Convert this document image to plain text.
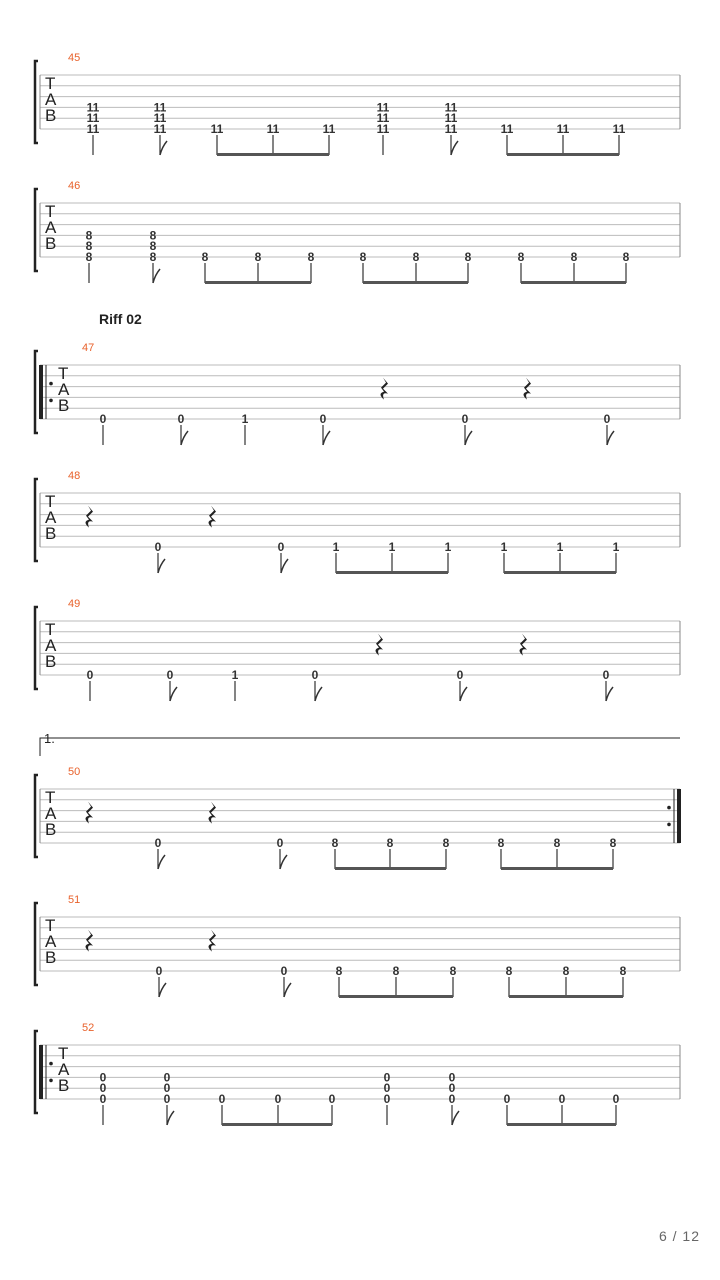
45
T
A
B	11
11
11
11
11
11	11	11	11
11
11
11
11
11
11	11	11	11
46
T
A
B 8
8
8
8
8
8	8	8	8	8	8	8	8	8	8
47
T
A
B
0	0	1	0	0	0
48
T
A
B
0	0	1	1	1	1	1	1
49
T
A
B
0	0	1	0	0	0
50
T
A
B
0	0	8	8	8	8	8	8
51
T
A
B
0	0	8	8	8	8	8	8
52
T
A
B	0
0
0
0
0
0	0	0	0
0
0
0
0
0
0	0	0	0
Riff 02
1.
6 / 12
